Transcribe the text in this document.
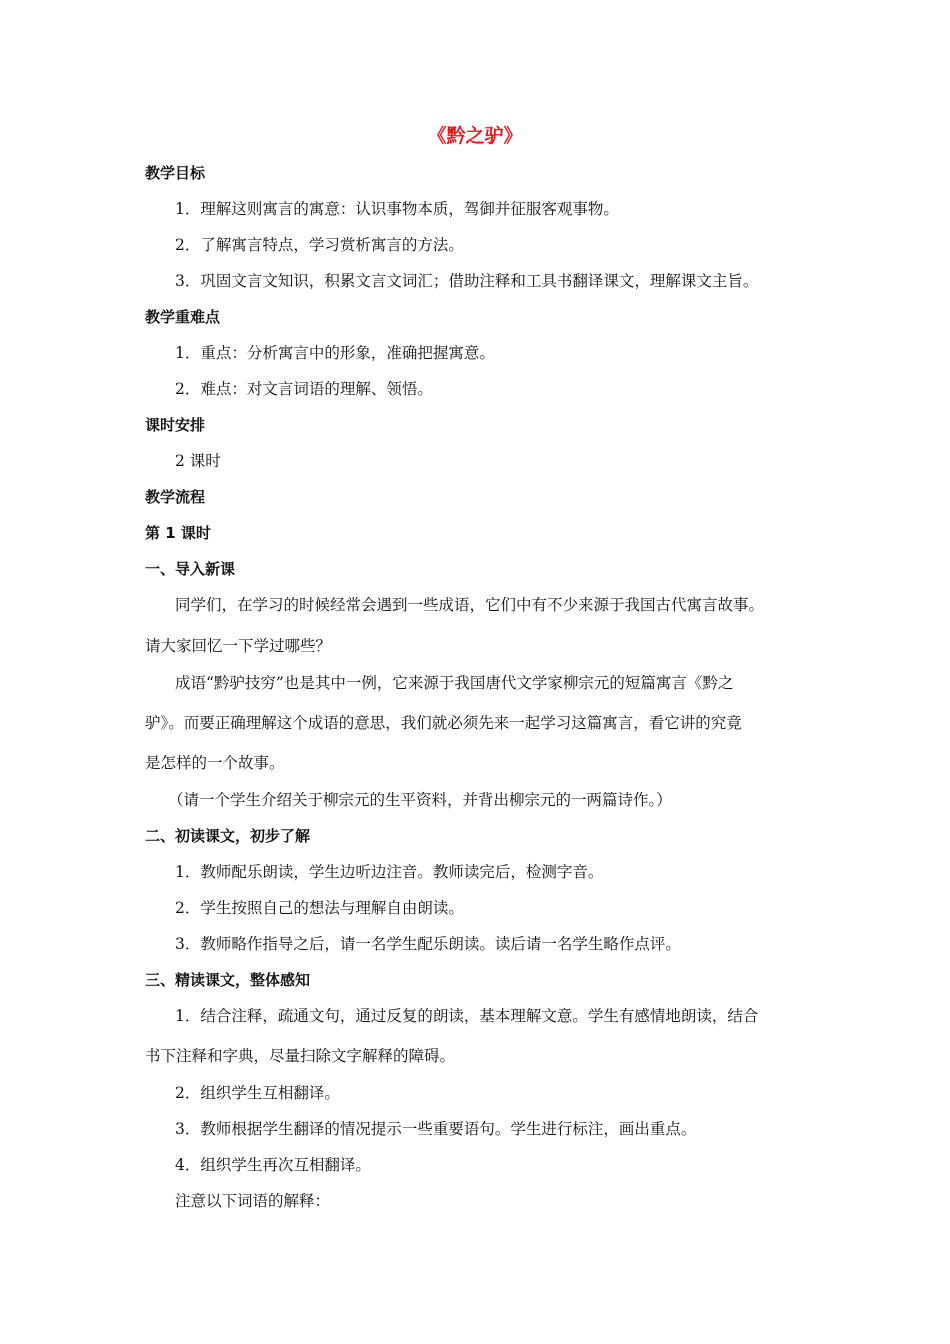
《黔之驴》
教学目标
1．理解这则寓言的寓意：认识事物本质，驾御并征服客观事物。
2．了解寓言特点，学习赏析寓言的方法。
3．巩固文言文知识，积累文言文词汇；借助注释和工具书翻译课文，理解课文主旨。
教学重难点
1．重点：分析寓言中的形象，准确把握寓意。
2．难点：对文言词语的理解、领悟。
课时安排
2 课时
教学流程
第 1 课时
一、导入新课
同学们，在学习的时候经常会遇到一些成语，它们中有不少来源于我国古代寓言故事。
请大家回忆一下学过哪些？
成语“黔驴技穷”也是其中一例，它来源于我国唐代文学家柳宗元的短篇寓言《黔之
驴》。而要正确理解这个成语的意思，我们就必须先来一起学习这篇寓言，看它讲的究竟
是怎样的一个故事。
（请一个学生介绍关于柳宗元的生平资料，并背出柳宗元的一两篇诗作。）
二、初读课文，初步了解
1．教师配乐朗读，学生边听边注音。教师读完后，检测字音。
2．学生按照自己的想法与理解自由朗读。
3．教师略作指导之后，请一名学生配乐朗读。读后请一名学生略作点评。
三、精读课文，整体感知
1．结合注释，疏通文句，通过反复的朗读，基本理解文意。学生有感情地朗读，结合
书下注释和字典，尽量扫除文字解释的障碍。
2．组织学生互相翻译。
3．教师根据学生翻译的情况提示一些重要语句。学生进行标注，画出重点。
4．组织学生再次互相翻译。
注意以下词语的解释：
